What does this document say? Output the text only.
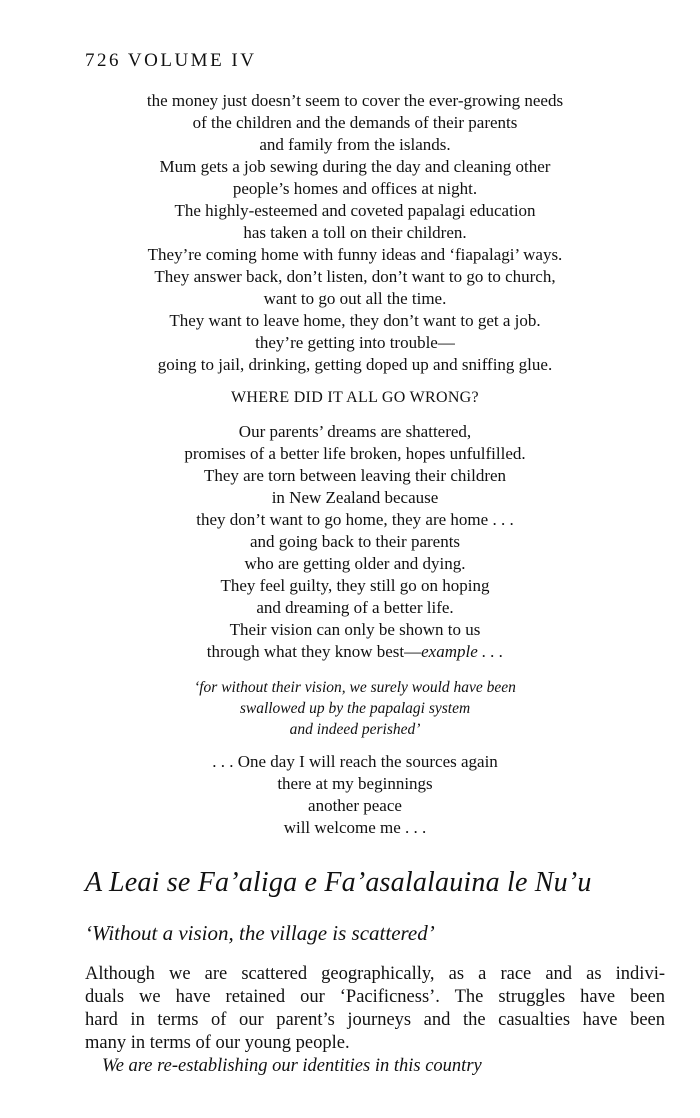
726 VOLUME IV
the money just doesn’t seem to cover the ever-growing needs
of the children and the demands of their parents
and family from the islands.
Mum gets a job sewing during the day and cleaning other
people’s homes and offices at night.
The highly-esteemed and coveted papalagi education
has taken a toll on their children.
They’re coming home with funny ideas and ‘fiapalagi’ ways.
They answer back, don’t listen, don’t want to go to church,
want to go out all the time.
They want to leave home, they don’t want to get a job.
they’re getting into trouble—
going to jail, drinking, getting doped up and sniffing glue.
WHERE DID IT ALL GO WRONG?
Our parents’ dreams are shattered,
promises of a better life broken, hopes unfulfilled.
They are torn between leaving their children
in New Zealand because
they don’t want to go home, they are home . . .
and going back to their parents
who are getting older and dying.
They feel guilty, they still go on hoping
and dreaming of a better life.
Their vision can only be shown to us
through what they know best—example . . .
‘for without their vision, we surely would have been
swallowed up by the papalagi system
and indeed perished’
. . . One day I will reach the sources again
there at my beginnings
another peace
will welcome me . . .
A Leai se Fa’aliga e Fa’asalalauina le Nu’u
‘Without a vision, the village is scattered’
Although we are scattered geographically, as a race and as indivi-
duals we have retained our ‘Pacificness’. The struggles have been
hard in terms of our parent’s journeys and the casualties have been
many in terms of our young people.
We are re-establishing our identities in this country
